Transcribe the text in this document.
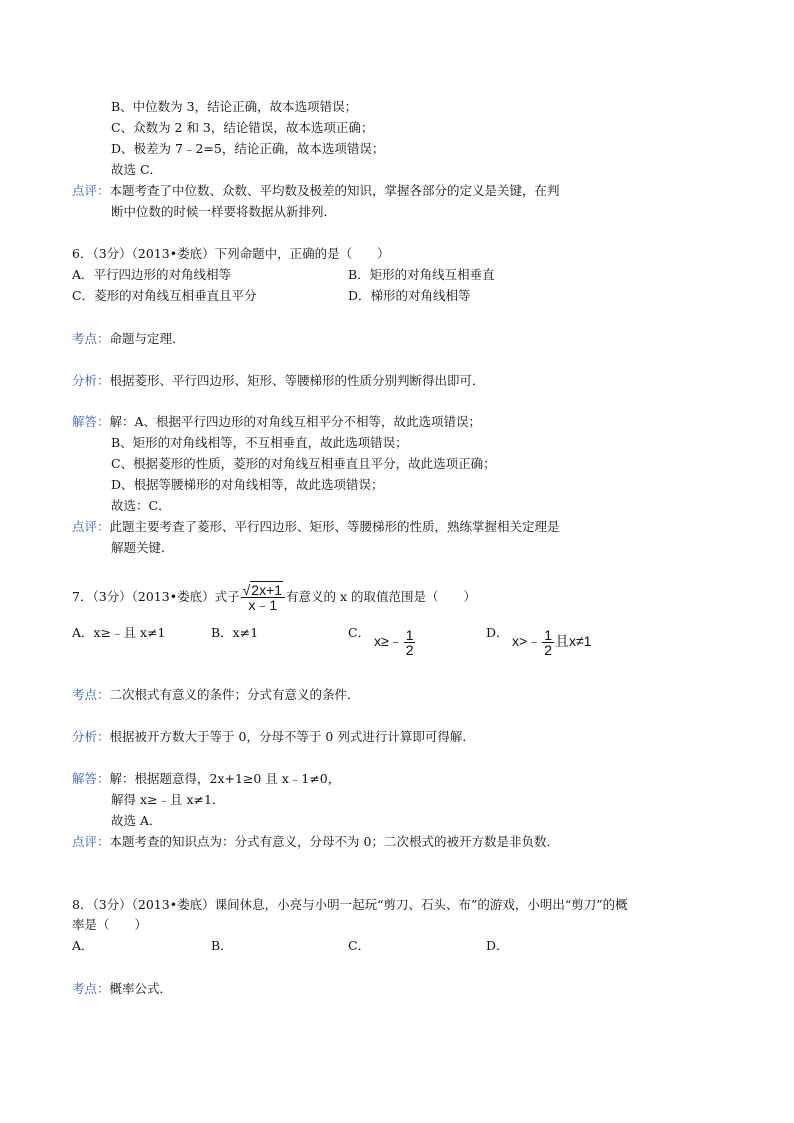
B、中位数为 3，结论正确，故本选项错误；
C、众数为 2 和 3，结论错误，故本选项正确；
D、极差为 7﹣2=5，结论正确，故本选项错误；
故选 C．
点评：本题考查了中位数、众数、平均数及极差的知识，掌握各部分的定义是关键，在判
断中位数的时候一样要将数据从新排列．
6．（3分）（2013•娄底）下列命题中，正确的是（　　）
A．平行四边形的对角线相等	B．矩形的对角线互相垂直
C．菱形的对角线互相垂直且平分	D．梯形的对角线相等
考点：命题与定理．
分析：根据菱形、平行四边形、矩形、等腰梯形的性质分别判断得出即可．
解答：解：A、根据平行四边形的对角线互相平分不相等，故此选项错误；
B、矩形的对角线相等，不互相垂直，故此选项错误；
C、根据菱形的性质，菱形的对角线互相垂直且平分，故此选项正确；
D、根据等腰梯形的对角线相等，故此选项错误；
故选：C．
点评：此题主要考查了菱形、平行四边形、矩形、等腰梯形的性质，熟练掌握相关定理是
解题关键．
7．（3分）（2013•娄底）式子 $\frac{√2x+1}{x﹣1}$ 有意义的 x 的取值范围是（　　）
A．x≥﹣且 x≠1	B．x≠1	C．
x≥﹣ $\frac{1}{2}$	D．
x>﹣ $\frac{1}{2}$ 且x≠1
考点：二次根式有意义的条件；分式有意义的条件．
分析：根据被开方数大于等于 0，分母不等于 0 列式进行计算即可得解．
解答：解：根据题意得，2x+1≥0 且 x﹣1≠0，
解得 x≥﹣且 x≠1．
故选 A．
点评：本题考查的知识点为：分式有意义，分母不为 0；二次根式的被开方数是非负数．
8．（3分）（2013•娄底）课间休息，小亮与小明一起玩“剪刀、石头、布”的游戏，小明出“剪刀”的概
率是（　　）
A．	B．	C．	D．
考点：概率公式．
